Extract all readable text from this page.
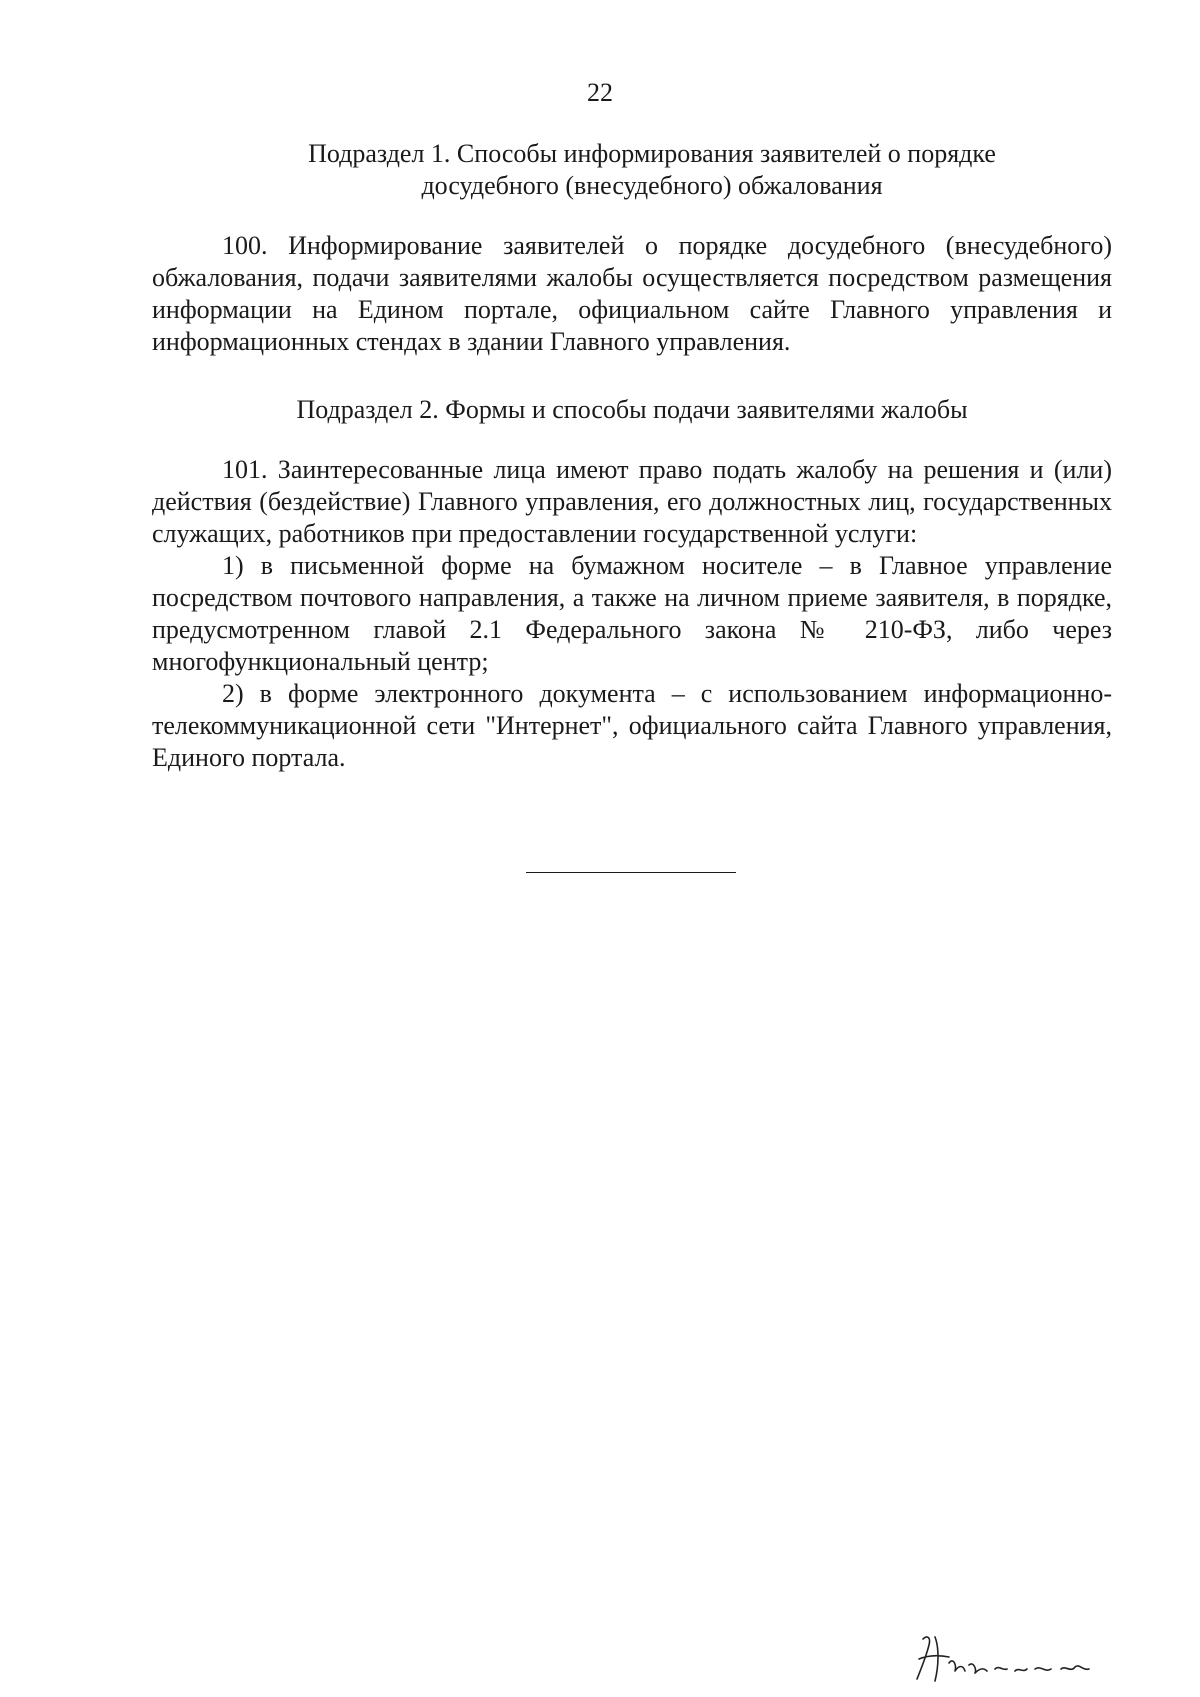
22

Подраздел 1. Способы информирования заявителей о порядке

досудебного (внесудебного) обжалования

100. Информирование заявителей о порядке досудебного (внесудебного) обжалования, подачи заявителями жалобы осуществляется посредством размещения информации на Едином портале, официальном сайте Главного управления и информационных стендах в здании Главного управления.

Подраздел 2. Формы и способы подачи заявителями жалобы

101. Заинтересованные лица имеют право подать жалобу на решения и (или) действия (бездействие) Главного управления, его должностных лиц, государственных служащих, работников при предоставлении государственной услуги:

1) в письменной форме на бумажном носителе – в Главное управление посредством почтового направления, а также на личном приеме заявителя, в порядке, предусмотренном главой 2.1 Федерального закона № 210-ФЗ, либо через многофункциональный центр;

2) в форме электронного документа – с использованием информационно-телекоммуникационной сети "Интернет", официального сайта Главного управления, Единого портала.
